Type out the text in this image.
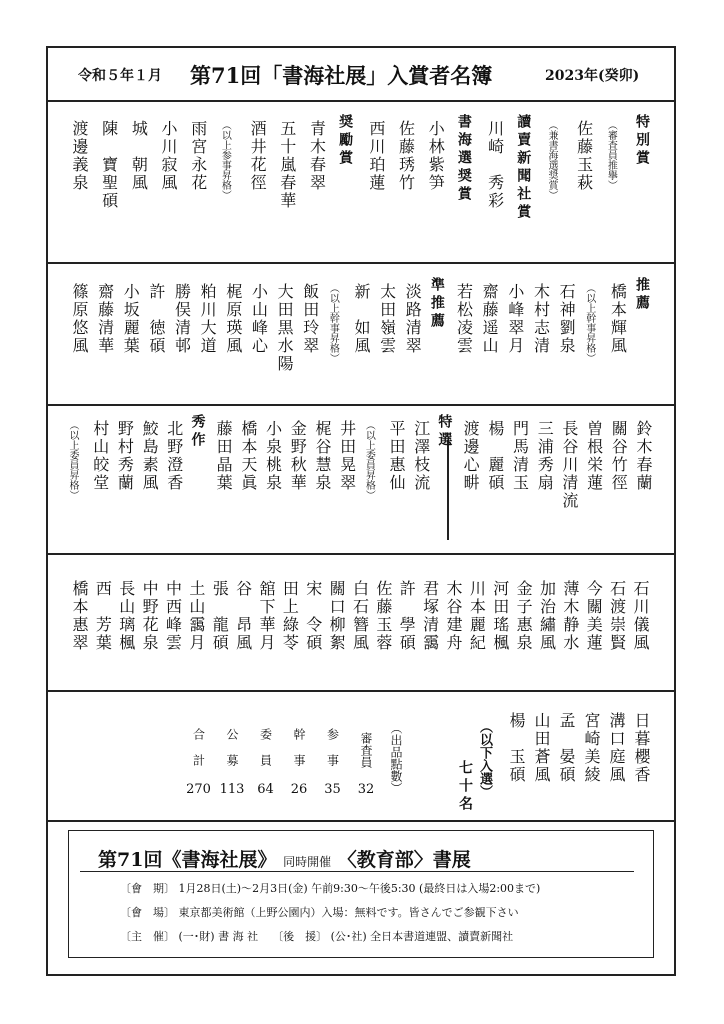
令和５年１月 第71回「書海社展」入賞者名簿	2023年(癸卯)
特別賞
（審査員推擧）
佐藤玉萩
（兼書海選奨賞）
讀賣新聞社賞
川崎　秀彩
書海選奨賞
小林紫笋
佐藤琇竹
西川珀蓮
奨勵賞
青木春翠
五十嵐春華
酒井花徑
（以上参事昇格）
雨宮永花
小川寂風
城　朝風
陳　寶聖碩
渡邊義泉
推薦
橋本輝風
（以上幹事昇格）
石神劉泉
木村志清
小峰翠月
齋藤遥山
若松凌雲
準推薦
淡路清翠
太田嶺雲
新　如風
（以上幹事昇格）
飯田玲翠
大田黒水陽
小山峰心
梶原瑛風
粕川大道
勝俣清邨
許　徳碩
小坂麗葉
齋藤清華
篠原悠風
鈴木春蘭
關谷竹徑
曽根栄蓮
長谷川清流
三浦秀扇
門馬清玉
楊　麗碩
渡邊心畊
特選
江澤枝流
平田惠仙
（以上委員昇格）
井田晃翠
梶谷慧泉
金野秋華
小泉桃泉
橋本天眞
藤田晶葉
秀作
北野澄香
鮫島素風
野村秀蘭
村山皎堂
（以上委員昇格）
石川儀風
石渡崇賢
今關美蓮
薄木静水
加治繡風
金子惠泉
河田瑤楓
川本麗紀
木谷建舟
君塚清靄
許　學碩
佐藤玉蓉
白石簪風
關口柳絮
宋　令碩
田上綠苓
舘下華月
谷　昂風
張　龍碩
土山靄月
中西峰雲
中野花泉
長山璃楓
西　芳葉
橋本惠翠
日暮櫻香
溝口庭風
宮崎美綾
孟　晏碩
山田蒼風
楊　玉碩
七十名 （以下入選）
（出品點數）
審査員
32
参事
35
幹事
26
委員
64
公募
113
合計
270
第71回《書海社展》 同時開催 〈教育部〉書展
〔會　期〕 1月28日(土)～2月3日(金) 午前9:30～午後5:30 (最終日は入場2:00まで)
〔會　場〕 東京都美術館（上野公園内）入場：無料です。皆さんでご参観下さい
〔主　催〕 (一･財) 書 海 社 〔後　援〕 (公･社) 全日本書道連盟、讀賣新聞社
